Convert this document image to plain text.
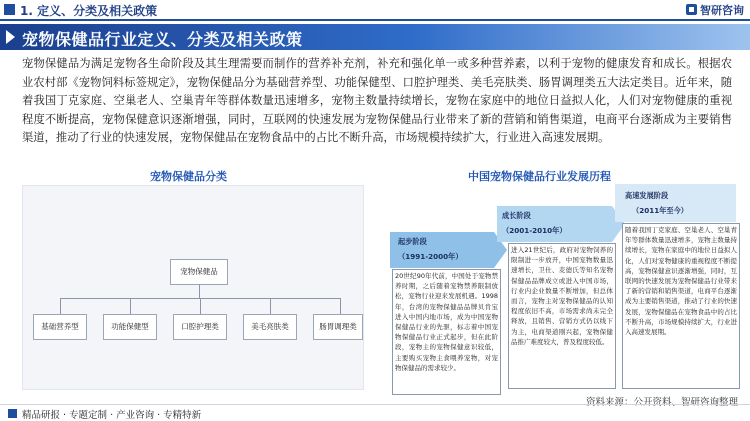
1. 定义、分类及相关政策	智研咨询
宠物保健品行业定义、分类及相关政策
宠物保健品为满足宠物各生命阶段及其生理需要而制作的营养补充剂，补充和强化单一或多种营养素，以利于宠物的健康发育和成长。根据农业农村部《宠物饲料标签规定》，宠物保健品分为基础营养型、功能保健型、口腔护理类、美毛亮肤类、肠胃调理类五大法定类目。近年来，随着我国丁克家庭、空巢老人、空巢青年等群体数量迅速增多，宠物主数量持续增长，宠物在家庭中的地位日益拟人化，人们对宠物健康的重视程度不断提高，宠物保健意识逐渐增强，同时，互联网的快速发展为宠物保健品行业带来了新的营销和销售渠道，电商平台逐渐成为主要销售渠道，推动了行业的快速发展，宠物保健品在宠物食品中的占比不断升高，市场规模持续扩大，行业进入高速发展期。
宠物保健品分类	中国宠物保健品行业发展历程
宠物保健品
基础营养型	功能保健型	口腔护理类	美毛亮肤类	肠胃调理类
起步阶段
（1991-2000年）
成长阶段
（2001-2010年）
高速发展阶段
（2011年至今）
20世纪90年代前，中国处于宠物禁养时期，之后随着宠物禁养限制放松，宠物行业迎来发展机遇。1998年，台湾的宠物保健品品牌贝肯宝进入中国内地市场，成为中国宠物保健品行业的先驱，标志着中国宠物保健品行业正式起步，但在此阶段，宠物主的宠物保健意识较低，主要购买宠物主食喂养宠物，对宠物保健品的需求较少。
进入21世纪后，政府对宠物饲养的限制进一步放开，中国宠物数量迅速增长，卫仕、麦德氏等知名宠物保健品品牌成立或进入中国市场，行业内企业数量不断增加，但总体而言，宠物主对宠物保健品的认知程度依旧不高，市场需求尚未完全释放，且销售、营销方式仍以线下为主，电商渠道刚兴起，宠物保健品推广难度较大，普及程度较低。
随着我国丁克家庭、空巢老人、空巢青年等群体数量迅速增多，宠物主数量持续增长，宠物在家庭中的地位日益拟人化，人们对宠物健康的重视程度不断提高，宠物保健意识逐渐增强，同时，互联网的快速发展为宠物保健品行业带来了新的营销和销售渠道，电商平台逐渐成为主要销售渠道，推动了行业的快速发展，宠物保健品在宠物食品中的占比不断升高，市场规模持续扩大，行业进入高速发展期。
资料来源：公开资料、智研咨询整理
精品研报 · 专题定制 · 产业咨询 · 专精特新
